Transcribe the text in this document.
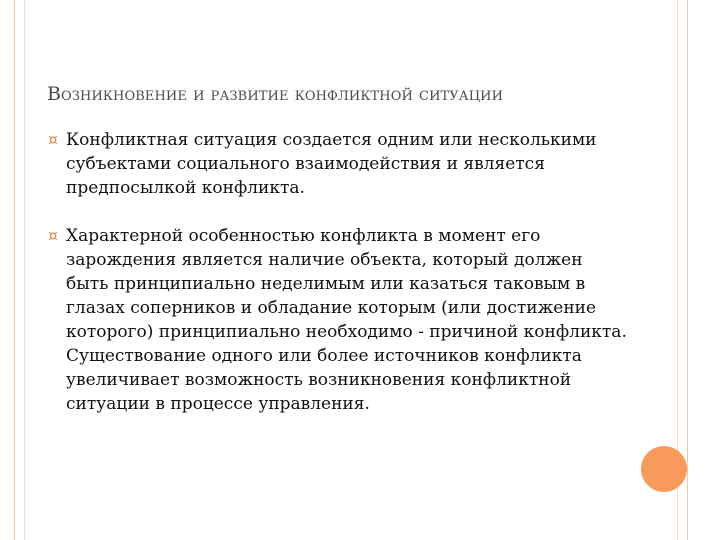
Возникновение и развитие конфликтной ситуации
¤ Конфликтная ситуация создается одним или несколькими субъектами социального взаимодействия и является предпосылкой конфликта.
¤ Характерной особенностью конфликта в момент его зарождения является наличие объекта, который должен быть принципиально неделимым или казаться таковым в глазах соперников и обладание которым (или достижение которого) принципиально необходимо - причиной конфликта. Существование одного или более источников конфликта увеличивает возможность возникновения конфликтной ситуации в процессе управления.
